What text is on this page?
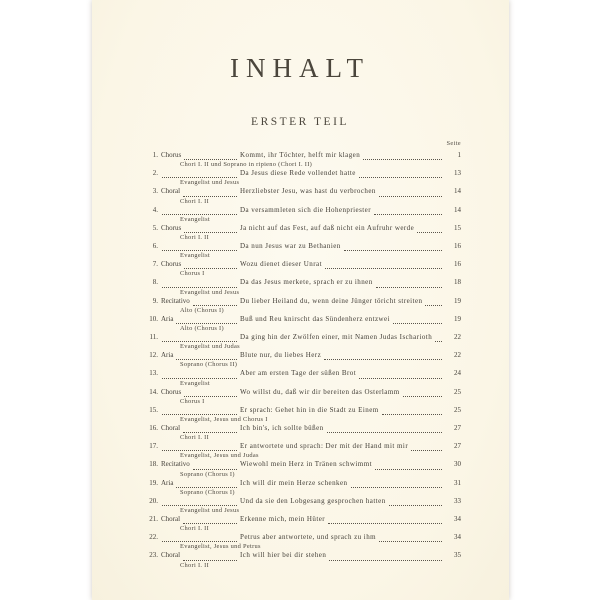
INHALT
ERSTER TEIL
Seite
1. Chorus	Kommt, ihr Töchter, helft mir klagen	1
Chori I. II und Soprano in ripieno (Chori I. II)
2.	Da Jesus diese Rede vollendet hatte	13
Evangelist und Jesus
3. Choral	Herzliebster Jesu, was hast du verbrochen	14
Chori I. II
4.	Da versammleten sich die Hohenpriester	14
Evangelist
5. Chorus	Ja nicht auf das Fest, auf daß nicht ein Aufruhr werde	15
Chori I. II
6.	Da nun Jesus war zu Bethanien	16
Evangelist
7. Chorus	Wozu dienet dieser Unrat	16
Chorus I
8.	Da das Jesus merkete, sprach er zu ihnen	18
Evangelist und Jesus
9. Recitativo	Du lieber Heiland du, wenn deine Jünger töricht streiten	19
Alto (Chorus I)
10. Aria	Buß und Reu knirscht das Sündenherz entzwei	19
Alto (Chorus I)
11.	Da ging hin der Zwölfen einer, mit Namen Judas Ischarioth	22
Evangelist und Judas
12. Aria	Blute nur, du liebes Herz	22
Soprano (Chorus II)
13.	Aber am ersten Tage der süßen Brot	24
Evangelist
14. Chorus	Wo willst du, daß wir dir bereiten das Osterlamm	25
Chorus I
15.	Er sprach: Gehet hin in die Stadt zu Einem	25
Evangelist, Jesus und Chorus I
16. Choral	Ich bin's, ich sollte büßen	27
Chori I. II
17.	Er antwortete und sprach: Der mit der Hand mit mir	27
Evangelist, Jesus und Judas
18. Recitativo	Wiewohl mein Herz in Tränen schwimmt	30
Soprano (Chorus I)
19. Aria	Ich will dir mein Herze schenken	31
Soprano (Chorus I)
20.	Und da sie den Lobgesang gesprochen hatten	33
Evangelist und Jesus
21. Choral	Erkenne mich, mein Hüter	34
Chori I. II
22.	Petrus aber antwortete, und sprach zu ihm	34
Evangelist, Jesus und Petrus
23. Choral	Ich will hier bei dir stehen	35
Chori I. II
